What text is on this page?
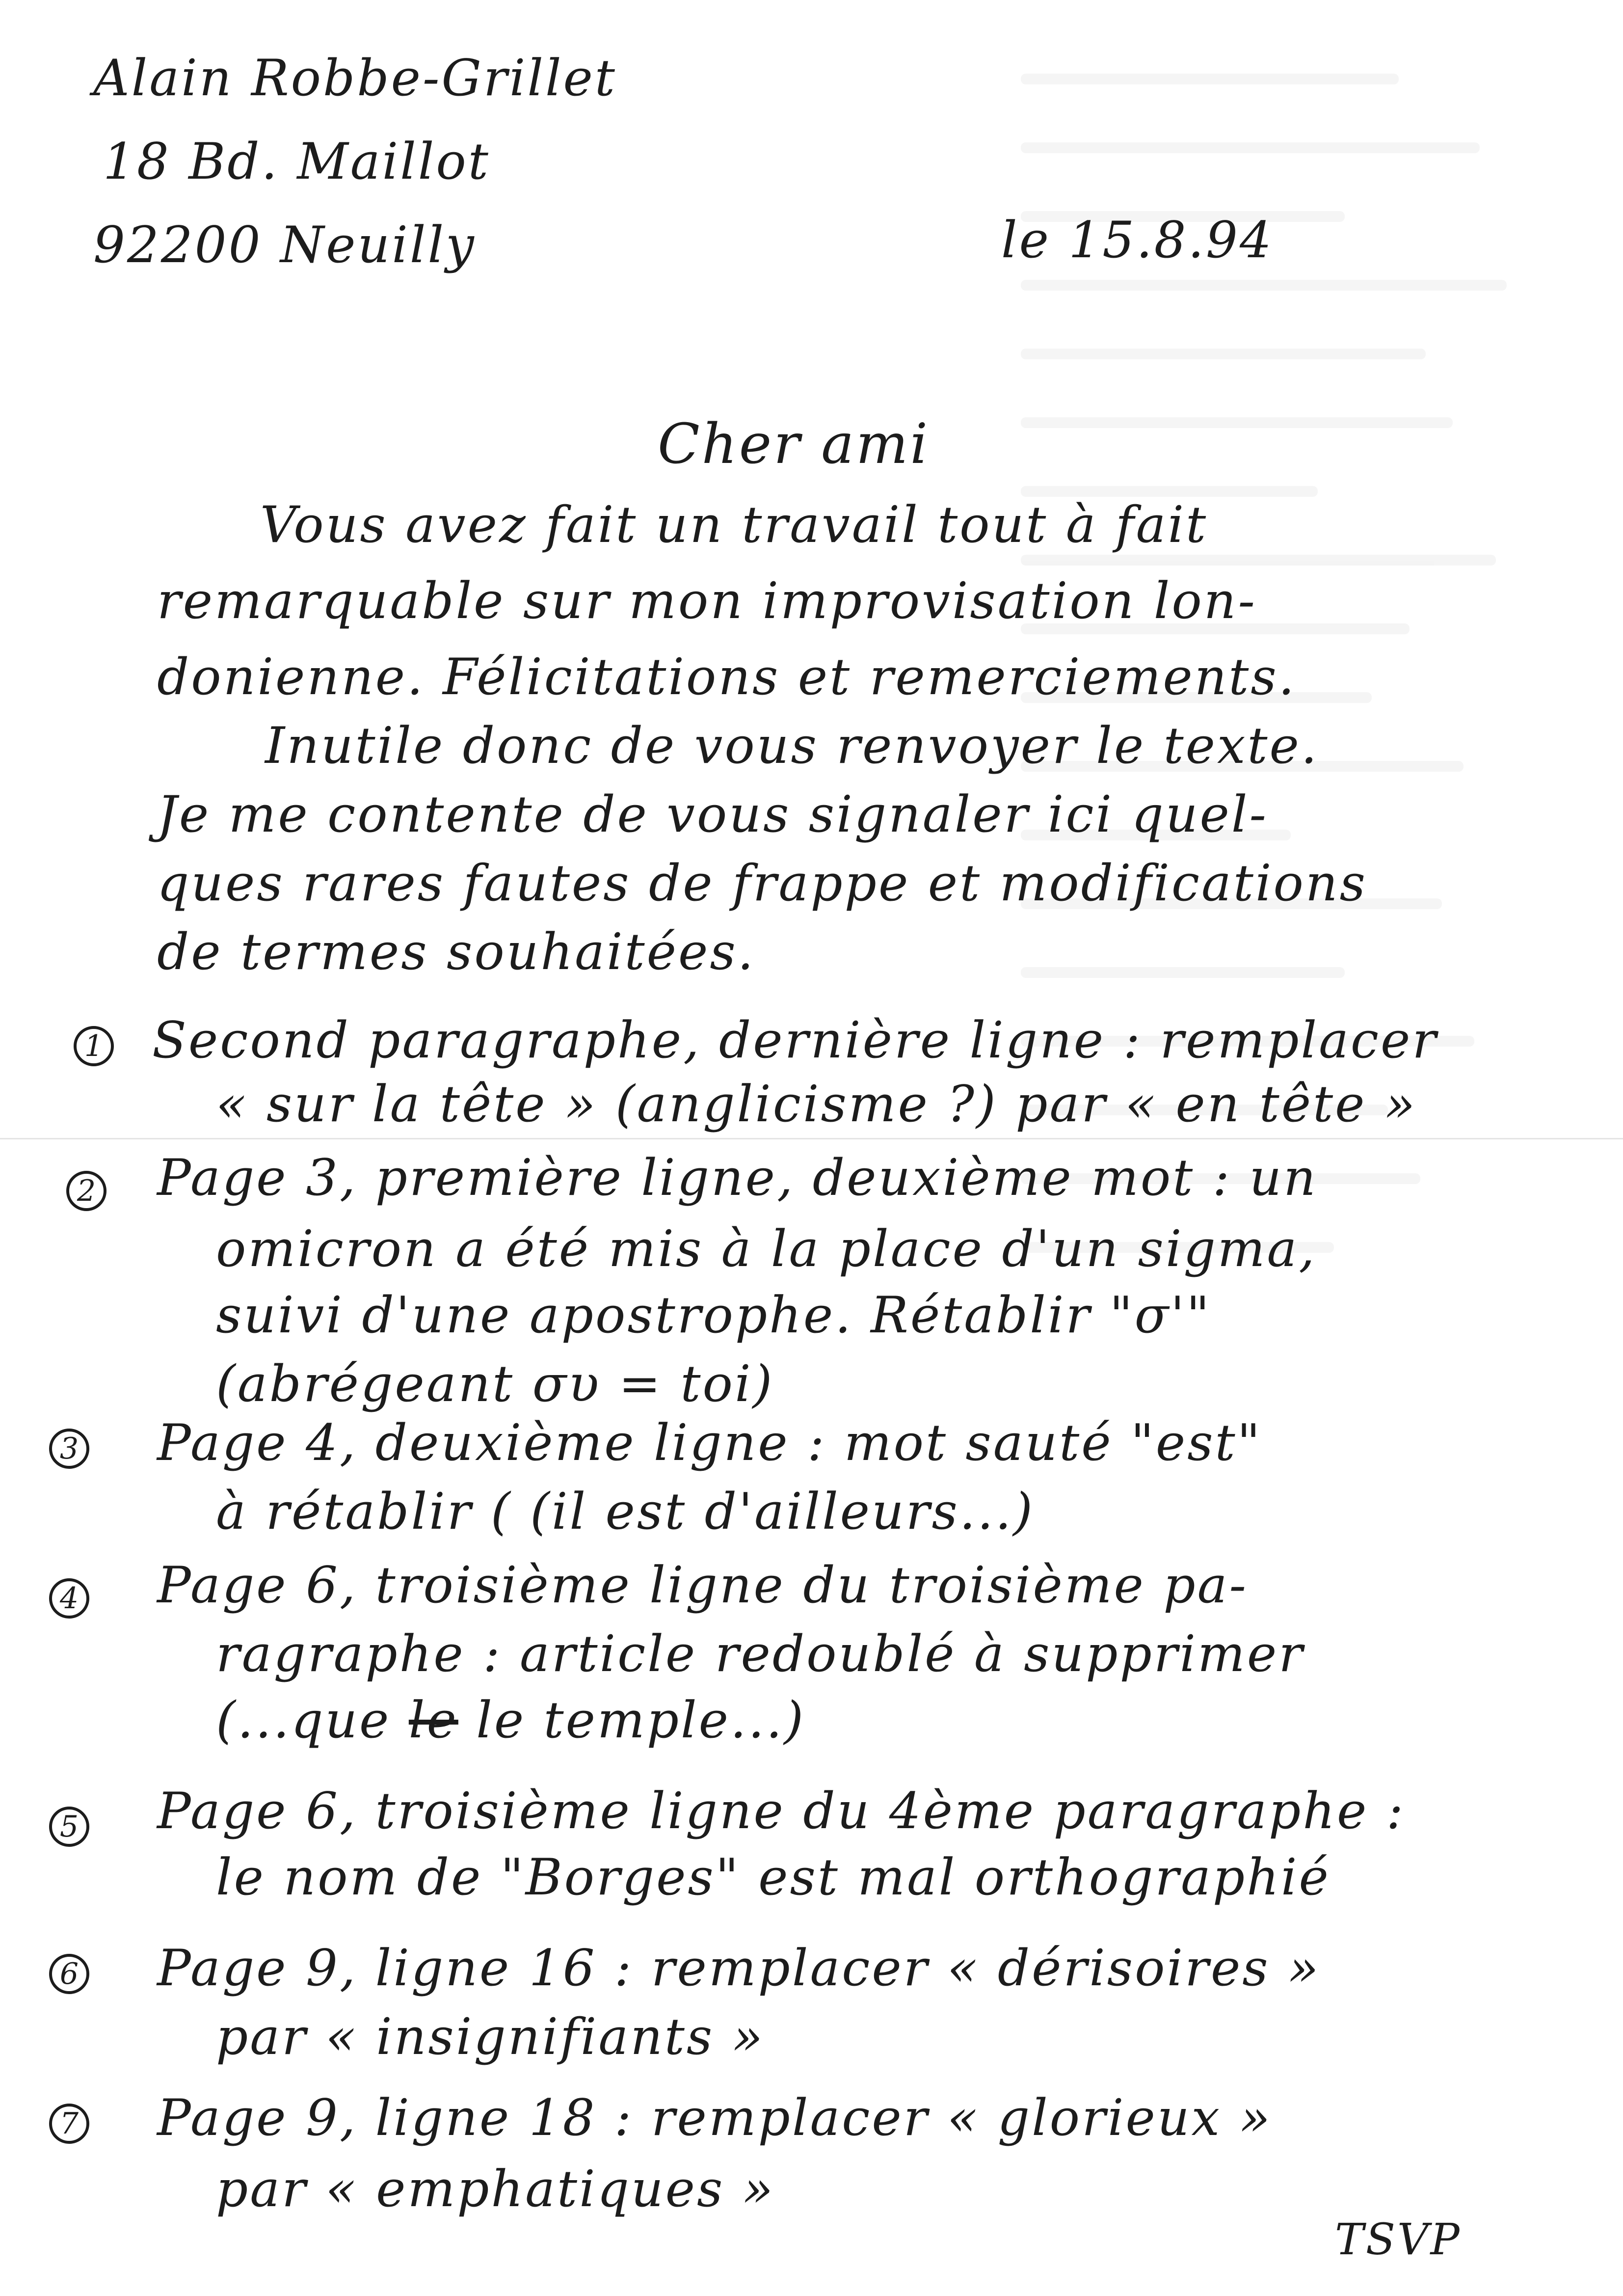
Alain Robbe-Grillet
18 Bd. Maillot
92200 Neuilly	le 15.8.94
Cher ami
Vous avez fait un travail tout à fait
remarquable sur mon improvisation lon-
donienne. Félicitations et remerciements.
Inutile donc de vous renvoyer le texte.
Je me contente de vous signaler ici quel-
ques rares fautes de frappe et modifications
de termes souhaitées.
1 Second paragraphe, dernière ligne : remplacer
« sur la tête » (anglicisme ?) par « en tête »
2 Page 3, première ligne, deuxième mot : un
omicron a été mis à la place d'un sigma,
suivi d'une apostrophe. Rétablir "σ'"
(abrégeant συ = toi)
3 Page 4, deuxième ligne : mot sauté "est"
à rétablir ( (il est d'ailleurs...)
4 Page 6, troisième ligne du troisième pa-
ragraphe : article redoublé à supprimer
(...que le le temple...)
5 Page 6, troisième ligne du 4ème paragraphe :
le nom de "Borges" est mal orthographié
6 Page 9, ligne 16 : remplacer « dérisoires »
par « insignifiants »
7 Page 9, ligne 18 : remplacer « glorieux »
par « emphatiques »
TSVP
